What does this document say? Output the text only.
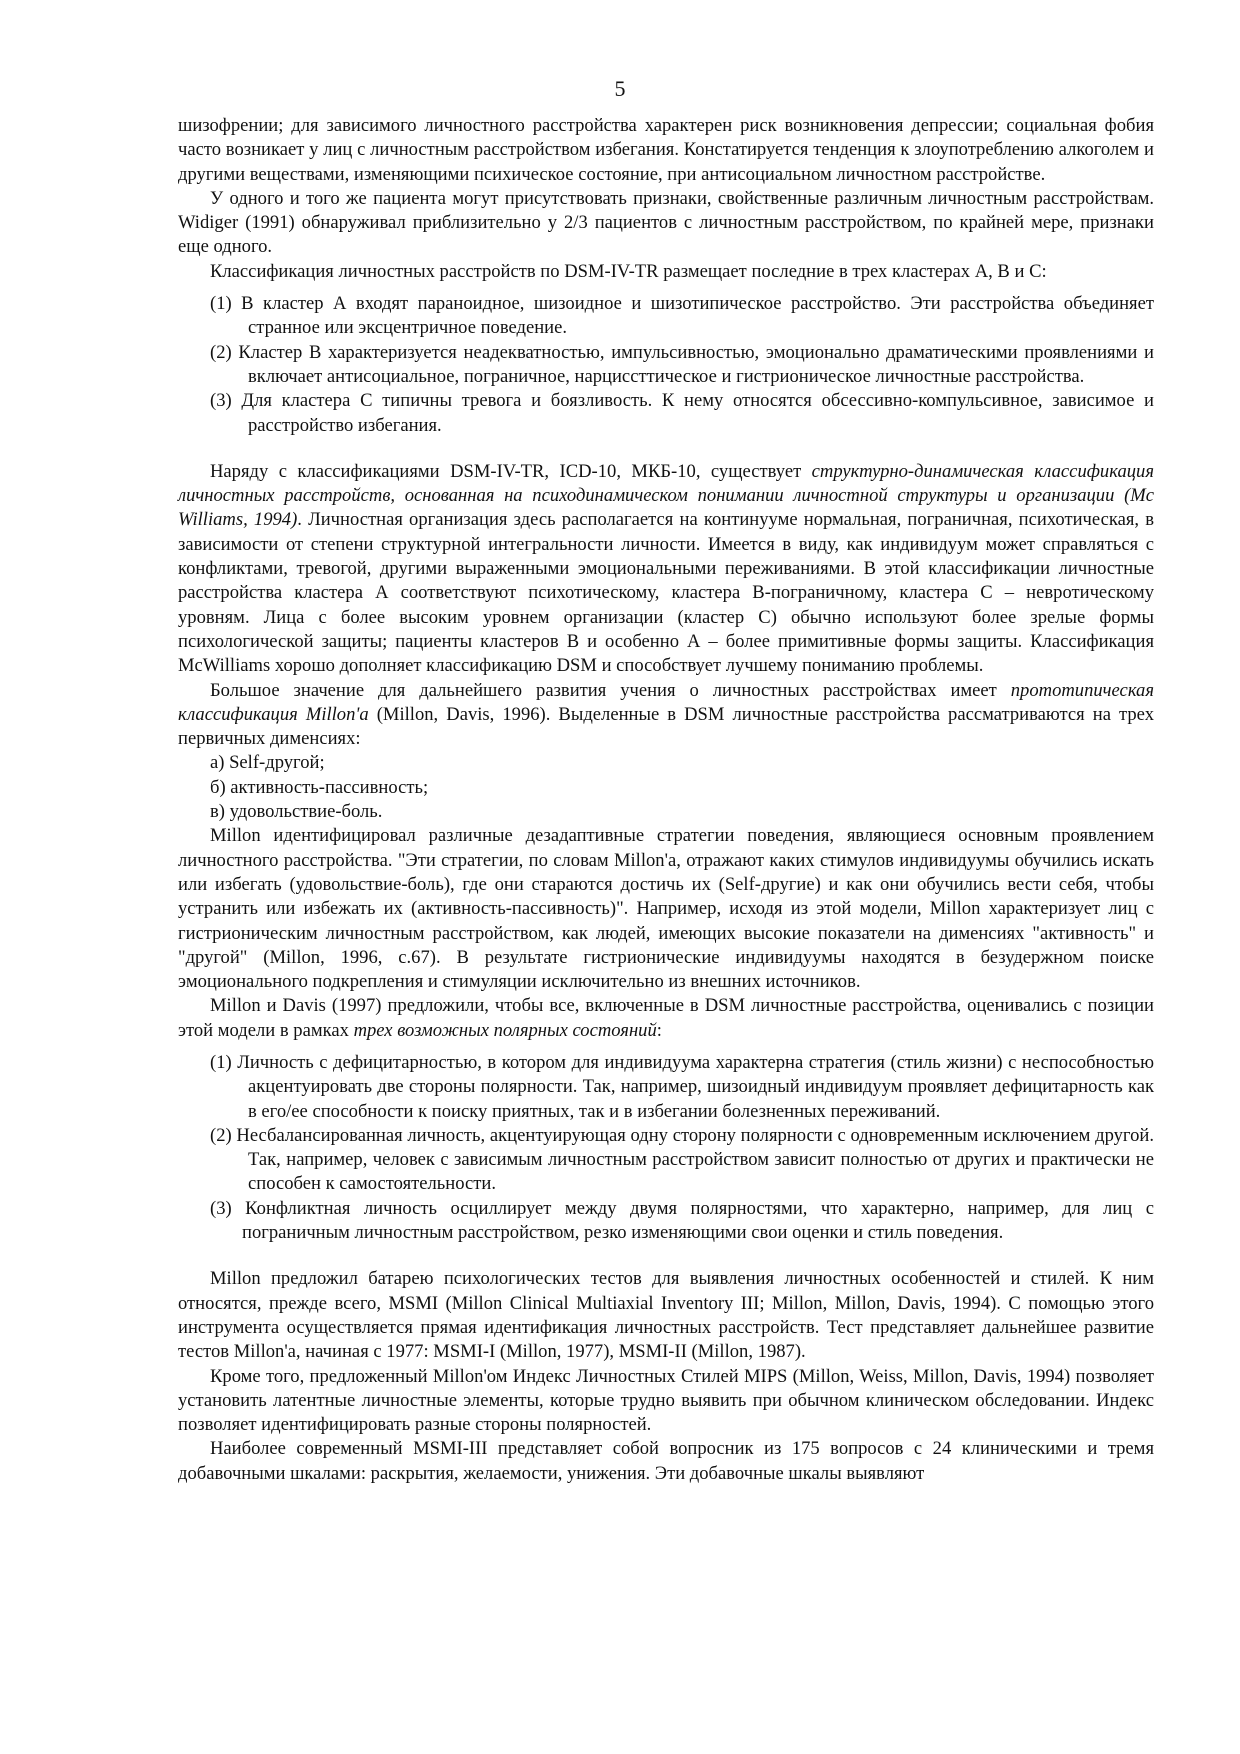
5

шизофрении; для зависимого личностного расстройства характерен риск возникновения депрессии; социальная фобия часто возникает у лиц с личностным расстройством избегания. Констатируется тенденция к злоупотреблению алкоголем и другими веществами, изменяющими психическое состояние, при антисоциальном личностном расстройстве.

У одного и того же пациента могут присутствовать признаки, свойственные различным личностным расстройствам. Widiger (1991) обнаруживал приблизительно у 2/3 пациентов с личностным расстройством, по крайней мере, признаки еще одного.

Классификация личностных расстройств по DSM-IV-TR размещает последние в трех кластерах А, В и С:

(1) В кластер А входят параноидное, шизоидное и шизотипическое расстройство. Эти расстройства объединяет странное или эксцентричное поведение.

(2) Кластер В характеризуется неадекватностью, импульсивностью, эмоционально драматическими проявлениями и включает антисоциальное, пограничное, нарциссттическое и гистрионическое личностные расстройства.

(3) Для кластера С типичны тревога и боязливость. К нему относятся обсессивно-компульсивное, зависимое и расстройство избегания.

Наряду с классификациями DSM-IV-TR, ICD-10, МКБ-10, существует структурно-динамическая классификация личностных расстройств, основанная на психодинамическом понимании личностной структуры и организации (Mc Williams, 1994). Личностная организация здесь располагается на континууме нормальная, пограничная, психотическая, в зависимости от степени структурной интегральности личности. Имеется в виду, как индивидуум может справляться с конфликтами, тревогой, другими выраженными эмоциональными переживаниями. В этой классификации личностные расстройства кластера А соответствуют психотическому, кластера В-пограничному, кластера С – невротическому уровням. Лица с более высоким уровнем организации (кластер С) обычно используют более зрелые формы психологической защиты; пациенты кластеров В и особенно А – более примитивные формы защиты. Классификация McWilliams хорошо дополняет классификацию DSM и способствует лучшему пониманию проблемы.

Большое значение для дальнейшего развития учения о личностных расстройствах имеет прототипическая классификация Millon'a (Millon, Davis, 1996). Выделенные в DSM личностные расстройства рассматриваются на трех первичных димeнсиях:

а) Self-другой;

б) активность-пассивность;

в) удовольствие-боль.

Millon идентифицировал различные дезадаптивные стратегии поведения, являющиеся основным проявлением личностного расстройства. "Эти стратегии, по словам Millon'a, отражают каких стимулов индивидуумы обучились искать или избегать (удовольствие-боль), где они стараются достичь их (Self-другие) и как они обучились вести себя, чтобы устранить или избежать их (активность-пассивность)". Например, исходя из этой модели, Millon характеризует лиц с гистрионическим личностным расстройством, как людей, имеющих высокие показатели на димeнсиях "активность" и "другой" (Millon, 1996, c.67). В результате гистрионические индивидуумы находятся в безудержном поиске эмоционального подкрепления и стимуляции исключительно из внешних источников.

Millon и Davis (1997) предложили, чтобы все, включенные в DSM личностные расстройства, оценивались с позиции этой модели в рамках трех возможных полярных состояний:

(1) Личность с дефицитарностью, в котором для индивидуума характерна стратегия (стиль жизни) с неспособностью акцентуировать две стороны полярности. Так, например, шизоидный индивидуум проявляет дефицитарность как в его/ее способности к поиску приятных, так и в избегании болезненных переживаний.

(2) Несбалансированная личность, акцентуирующая одну сторону полярности с одновременным исключением другой. Так, например, человек с зависимым личностным расстройством зависит полностью от других и практически не способен к самостоятельности.

(3) Конфликтная личность осциллирует между двумя полярностями, что характерно, например, для лиц с пограничным личностным расстройством, резко изменяющими свои оценки и стиль поведения.

Millon предложил батарею психологических тестов для выявления личностных особенностей и стилей. К ним относятся, прежде всего, MSMI (Millon Clinical Multiaxial Inventory III; Millon, Millon, Davis, 1994). С помощью этого инструмента осуществляется прямая идентификация личностных расстройств. Тест представляет дальнейшее развитие тестов Millon'a, начиная с 1977: MSMI-I (Millon, 1977), MSMI-II (Millon, 1987).

Кроме того, предложенный Millon'ом Индекс Личностных Стилей MIPS (Millon, Weiss, Millon, Davis, 1994) позволяет установить латентные личностные элементы, которые трудно выявить при обычном клиническом обследовании. Индекс позволяет идентифицировать разные стороны полярностей.

Наиболее современный MSMI-III представляет собой вопросник из 175 вопросов с 24 клиническими и тремя добавочными шкалами: раскрытия, желаемости, унижения. Эти добавочные шкалы выявляют
